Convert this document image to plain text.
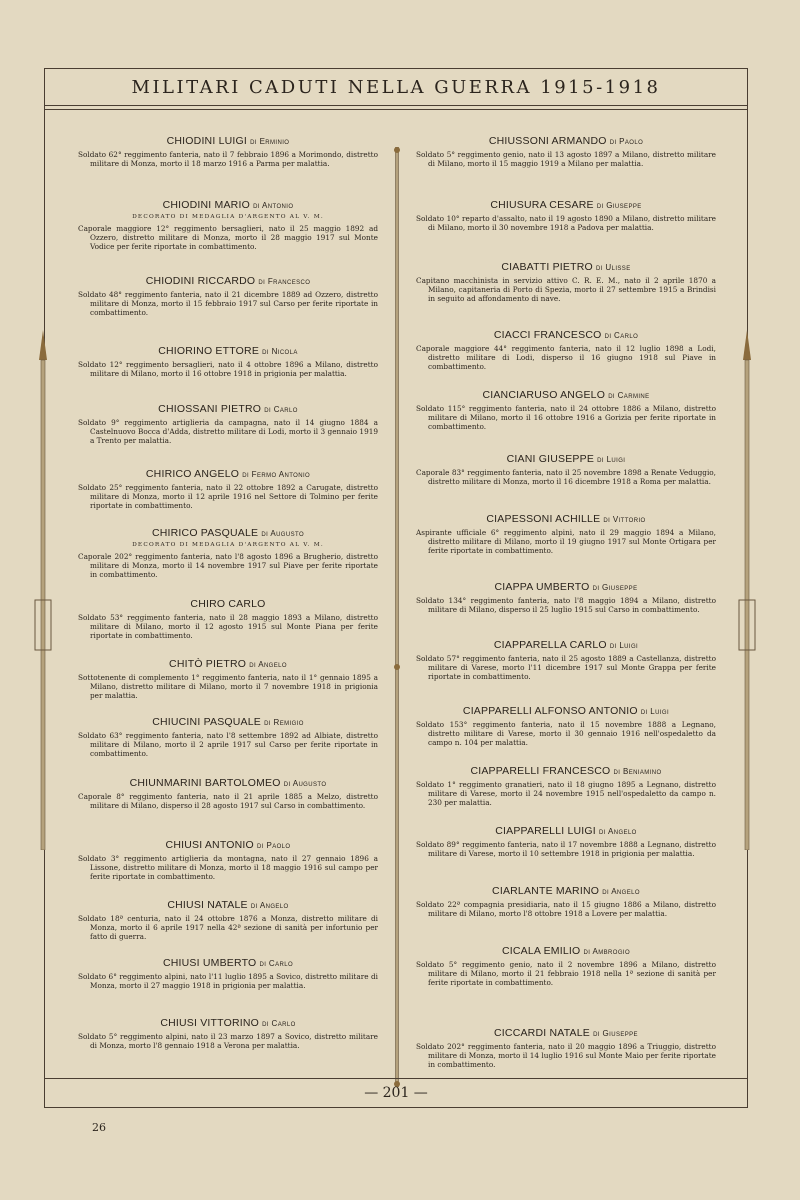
MILITARI CADUTI NELLA GUERRA 1915-1918
CHIODINI LUIGI di Erminio
Soldato 62° reggimento fanteria, nato il 7 febbraio 1896 a Morimondo, distretto militare di Monza, morto il 18 marzo 1916 a Parma per malattia.
CHIODINI MARIO di Antonio
DECORATO DI MEDAGLIA D'ARGENTO AL V. M.
Caporale maggiore 12° reggimento bersaglieri, nato il 25 maggio 1892 ad Ozzero, distretto militare di Monza, morto il 28 maggio 1917 sul Monte Vodice per ferite riportate in combattimento.
CHIODINI RICCARDO di Francesco
Soldato 48° reggimento fanteria, nato il 21 dicembre 1889 ad Ozzero, distretto militare di Monza, morto il 15 febbraio 1917 sul Carso per ferite riportate in combattimento.
CHIORINO ETTORE di Nicola
Soldato 12° reggimento bersaglieri, nato il 4 ottobre 1896 a Milano, distretto militare di Milano, morto il 16 ottobre 1918 in prigionia per malattia.
CHIOSSANI PIETRO di Carlo
Soldato 9° reggimento artiglieria da campagna, nato il 14 giugno 1884 a Castelnuovo Bocca d'Adda, distretto militare di Lodi, morto il 3 gennaio 1919 a Trento per malattia.
CHIRICO ANGELO di Fermo Antonio
Soldato 25° reggimento fanteria, nato il 22 ottobre 1892 a Carugate, distretto militare di Monza, morto il 12 aprile 1916 nel Settore di Tolmino per ferite riportate in combattimento.
CHIRICO PASQUALE di Augusto
DECORATO DI MEDAGLIA D'ARGENTO AL V. M.
Caporale 202° reggimento fanteria, nato l'8 agosto 1896 a Brugherio, distretto militare di Monza, morto il 14 novembre 1917 sul Piave per ferite riportate in combattimento.
CHIRO CARLO
Soldato 53° reggimento fanteria, nato il 28 maggio 1893 a Milano, distretto militare di Milano, morto il 12 agosto 1915 sul Monte Piana per ferite riportate in combattimento.
CHITÒ PIETRO di Angelo
Sottotenente di complemento 1° reggimento fanteria, nato il 1° gennaio 1895 a Milano, distretto militare di Milano, morto il 7 novembre 1918 in prigionia per malattia.
CHIUCINI PASQUALE di Remigio
Soldato 63° reggimento fanteria, nato l'8 settembre 1892 ad Albiate, distretto militare di Milano, morto il 2 aprile 1917 sul Carso per ferite riportate in combattimento.
CHIUNMARINI BARTOLOMEO di Augusto
Caporale 8° reggimento fanteria, nato il 21 aprile 1885 a Melzo, distretto militare di Milano, disperso il 28 agosto 1917 sul Carso in combattimento.
CHIUSI ANTONIO di Paolo
Soldato 3° reggimento artiglieria da montagna, nato il 27 gennaio 1896 a Lissone, distretto militare di Monza, morto il 18 maggio 1916 sul campo per ferite riportate in combattimento.
CHIUSI NATALE di Angelo
Soldato 18ª centuria, nato il 24 ottobre 1876 a Monza, distretto militare di Monza, morto il 6 aprile 1917 nella 42ª sezione di sanità per infortunio per fatto di guerra.
CHIUSI UMBERTO di Carlo
Soldato 6° reggimento alpini, nato l'11 luglio 1895 a Sovico, distretto militare di Monza, morto il 27 maggio 1918 in prigionia per malattia.
CHIUSI VITTORINO di Carlo
Soldato 5° reggimento alpini, nato il 23 marzo 1897 a Sovico, distretto militare di Monza, morto l'8 gennaio 1918 a Verona per malattia.
CHIUSSONI ARMANDO di Paolo
Soldato 5° reggimento genio, nato il 13 agosto 1897 a Milano, distretto militare di Milano, morto il 15 maggio 1919 a Milano per malattia.
CHIUSURA CESARE di Giuseppe
Soldato 10° reparto d'assalto, nato il 19 agosto 1890 a Milano, distretto militare di Milano, morto il 30 novembre 1918 a Padova per malattia.
CIABATTI PIETRO di Ulisse
Capitano macchinista in servizio attivo C. R. E. M., nato il 2 aprile 1870 a Milano, capitaneria di Porto di Spezia, morto il 27 settembre 1915 a Brindisi in seguito ad affondamento di nave.
CIACCI FRANCESCO di Carlo
Caporale maggiore 44° reggimento fanteria, nato il 12 luglio 1898 a Lodi, distretto militare di Lodi, disperso il 16 giugno 1918 sul Piave in combattimento.
CIANCIARUSO ANGELO di Carmine
Soldato 115° reggimento fanteria, nato il 24 ottobre 1886 a Milano, distretto militare di Milano, morto il 16 ottobre 1916 a Gorizia per ferite riportate in combattimento.
CIANI GIUSEPPE di Luigi
Caporale 83° reggimento fanteria, nato il 25 novembre 1898 a Renate Veduggio, distretto militare di Monza, morto il 16 dicembre 1918 a Roma per malattia.
CIAPESSONI ACHILLE di Vittorio
Aspirante ufficiale 6° reggimento alpini, nato il 29 maggio 1894 a Milano, distretto militare di Milano, morto il 19 giugno 1917 sul Monte Ortigara per ferite riportate in combattimento.
CIAPPA UMBERTO di Giuseppe
Soldato 134° reggimento fanteria, nato l'8 maggio 1894 a Milano, distretto militare di Milano, disperso il 25 luglio 1915 sul Carso in combattimento.
CIAPPARELLA CARLO di Luigi
Soldato 57° reggimento fanteria, nato il 25 agosto 1889 a Castellanza, distretto militare di Varese, morto l'11 dicembre 1917 sul Monte Grappa per ferite riportate in combattimento.
CIAPPARELLI ALFONSO ANTONIO di Luigi
Soldato 153° reggimento fanteria, nato il 15 novembre 1888 a Legnano, distretto militare di Varese, morto il 30 gennaio 1916 nell'ospedaletto da campo n. 104 per malattia.
CIAPPARELLI FRANCESCO di Beniamino
Soldato 1° reggimento granatieri, nato il 18 giugno 1895 a Legnano, distretto militare di Varese, morto il 24 novembre 1915 nell'ospedaletto da campo n. 230 per malattia.
CIAPPARELLI LUIGI di Angelo
Soldato 89° reggimento fanteria, nato il 17 novembre 1888 a Legnano, distretto militare di Varese, morto il 10 settembre 1918 in prigionia per malattia.
CIARLANTE MARINO di Angelo
Soldato 22ª compagnia presidiaria, nato il 15 giugno 1886 a Milano, distretto militare di Milano, morto l'8 ottobre 1918 a Lovere per malattia.
CICALA EMILIO di Ambrogio
Soldato 5° reggimento genio, nato il 2 novembre 1896 a Milano, distretto militare di Milano, morto il 21 febbraio 1918 nella 1ª sezione di sanità per ferite riportate in combattimento.
CICCARDI NATALE di Giuseppe
Soldato 202° reggimento fanteria, nato il 20 maggio 1896 a Triuggio, distretto militare di Monza, morto il 14 luglio 1916 sul Monte Maio per ferite riportate in combattimento.
— 201 —
26
